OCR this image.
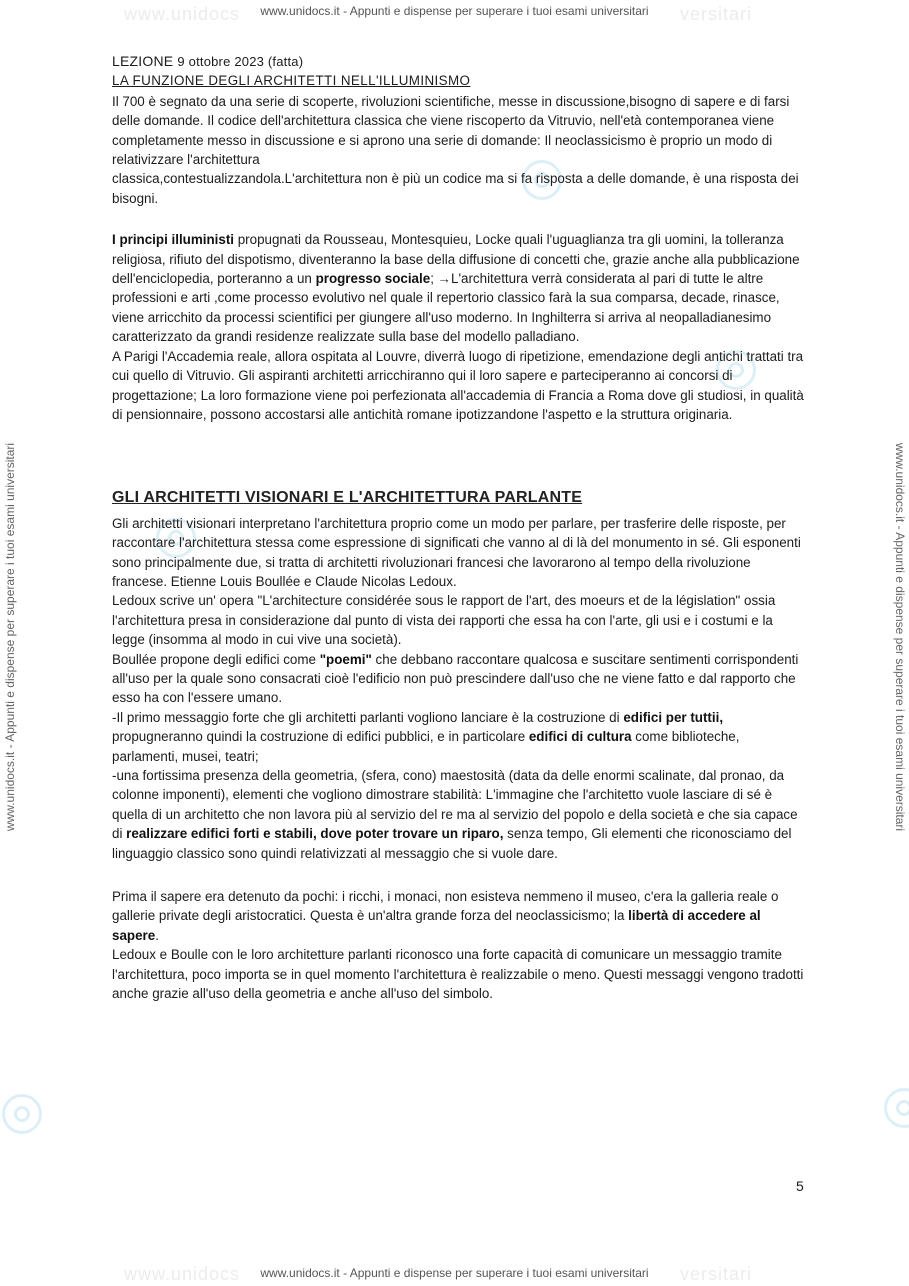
www.unidocs	versitari
www.unidocs	versitari
www.unidocs.it - Appunti e dispense per superare i tuoi esami universitari
www.unidocs.it - Appunti e dispense per superare i tuoi esami universitari
www.unidocs.it - Appunti e dispense per superare i tuoi esami universitari	www.unidocs.it - Appunti e dispense per superare i tuoi esami universitari
LEZIONE 9 ottobre 2023 (fatta)
LA FUNZIONE DEGLI ARCHITETTI NELL'ILLUMINISMO

Il 700 è segnato da una serie di scoperte, rivoluzioni scientifiche, messe in discussione,bisogno di sapere e di farsi delle domande. Il codice dell'architettura classica che viene riscoperto da Vitruvio, nell'età contemporanea viene completamente messo in discussione e si aprono una serie di domande: Il neoclassicismo è proprio un modo di relativizzare l'architettura

classica,contestualizzandola.L'architettura non è più un codice ma si fa risposta a delle domande, è una risposta dei bisogni.

I principi illuministi propugnati da Rousseau, Montesquieu, Locke quali l'uguaglianza tra gli uomini, la tolleranza religiosa, rifiuto del dispotismo, diventeranno la base della diffusione di concetti che, grazie anche alla pubblicazione dell'enciclopedia, porteranno a un progresso sociale; →L'architettura verrà considerata al pari di tutte le altre professioni e arti ,come processo evolutivo nel quale il repertorio classico farà la sua comparsa, decade, rinasce, viene arricchito da processi scientifici per giungere all'uso moderno. In Inghilterra si arriva al neopalladianesimo caratterizzato da grandi residenze realizzate sulla base del modello palladiano.

A Parigi l'Accademia reale, allora ospitata al Louvre, diverrà luogo di ripetizione, emendazione degli antichi trattati tra cui quello di Vitruvio. Gli aspiranti architetti arricchiranno qui il loro sapere e parteciperanno ai concorsi di progettazione; La loro formazione viene poi perfezionata all'accademia di Francia a Roma dove gli studiosi, in qualità di pensionnaire, possono accostarsi alle antichità romane ipotizzandone l'aspetto e la struttura originaria.

GLI ARCHITETTI VISIONARI E L'ARCHITETTURA PARLANTE

Gli architetti visionari interpretano l'architettura proprio come un modo per parlare, per trasferire delle risposte, per raccontare l'architettura stessa come espressione di significati che vanno al di là del monumento in sé. Gli esponenti sono principalmente due, si tratta di architetti rivoluzionari francesi che lavorarono al tempo della rivoluzione francese. Etienne Louis Boullée e Claude Nicolas Ledoux.

Ledoux scrive un' opera "L'architecture considérée sous le rapport de l'art, des moeurs et de la législation" ossia l'architettura presa in considerazione dal punto di vista dei rapporti che essa ha con l'arte, gli usi e i costumi e la legge (insomma al modo in cui vive una società).

Boullée propone degli edifici come "poemi" che debbano raccontare qualcosa e suscitare sentimenti corrispondenti all'uso per la quale sono consacrati cioè l'edificio non può prescindere dall'uso che ne viene fatto e dal rapporto che esso ha con l'essere umano.

-Il primo messaggio forte che gli architetti parlanti vogliono lanciare è la costruzione di edifici per tuttii, propugneranno quindi la costruzione di edifici pubblici, e in particolare edifici di cultura come biblioteche, parlamenti, musei, teatri;

-una fortissima presenza della geometria, (sfera, cono) maestosità (data da delle enormi scalinate, dal pronao, da colonne imponenti), elementi che vogliono dimostrare stabilità: L'immagine che l'architetto vuole lasciare di sé è quella di un architetto che non lavora più al servizio del re ma al servizio del popolo e della società e che sia capace di realizzare edifici forti e stabili, dove poter trovare un riparo, senza tempo, Gli elementi che riconosciamo del linguaggio classico sono quindi relativizzati al messaggio che si vuole dare.

Prima il sapere era detenuto da pochi: i ricchi, i monaci, non esisteva nemmeno il museo, c'era la galleria reale o gallerie private degli aristocratici. Questa è un'altra grande forza del neoclassicismo; la libertà di accedere al sapere.

Ledoux e Boulle con le loro architetture parlanti riconosco una forte capacità di comunicare un messaggio tramite l'architettura, poco importa se in quel momento l'architettura è realizzabile o meno. Questi messaggi vengono tradotti anche grazie all'uso della geometria e anche all'uso del simbolo.

5
